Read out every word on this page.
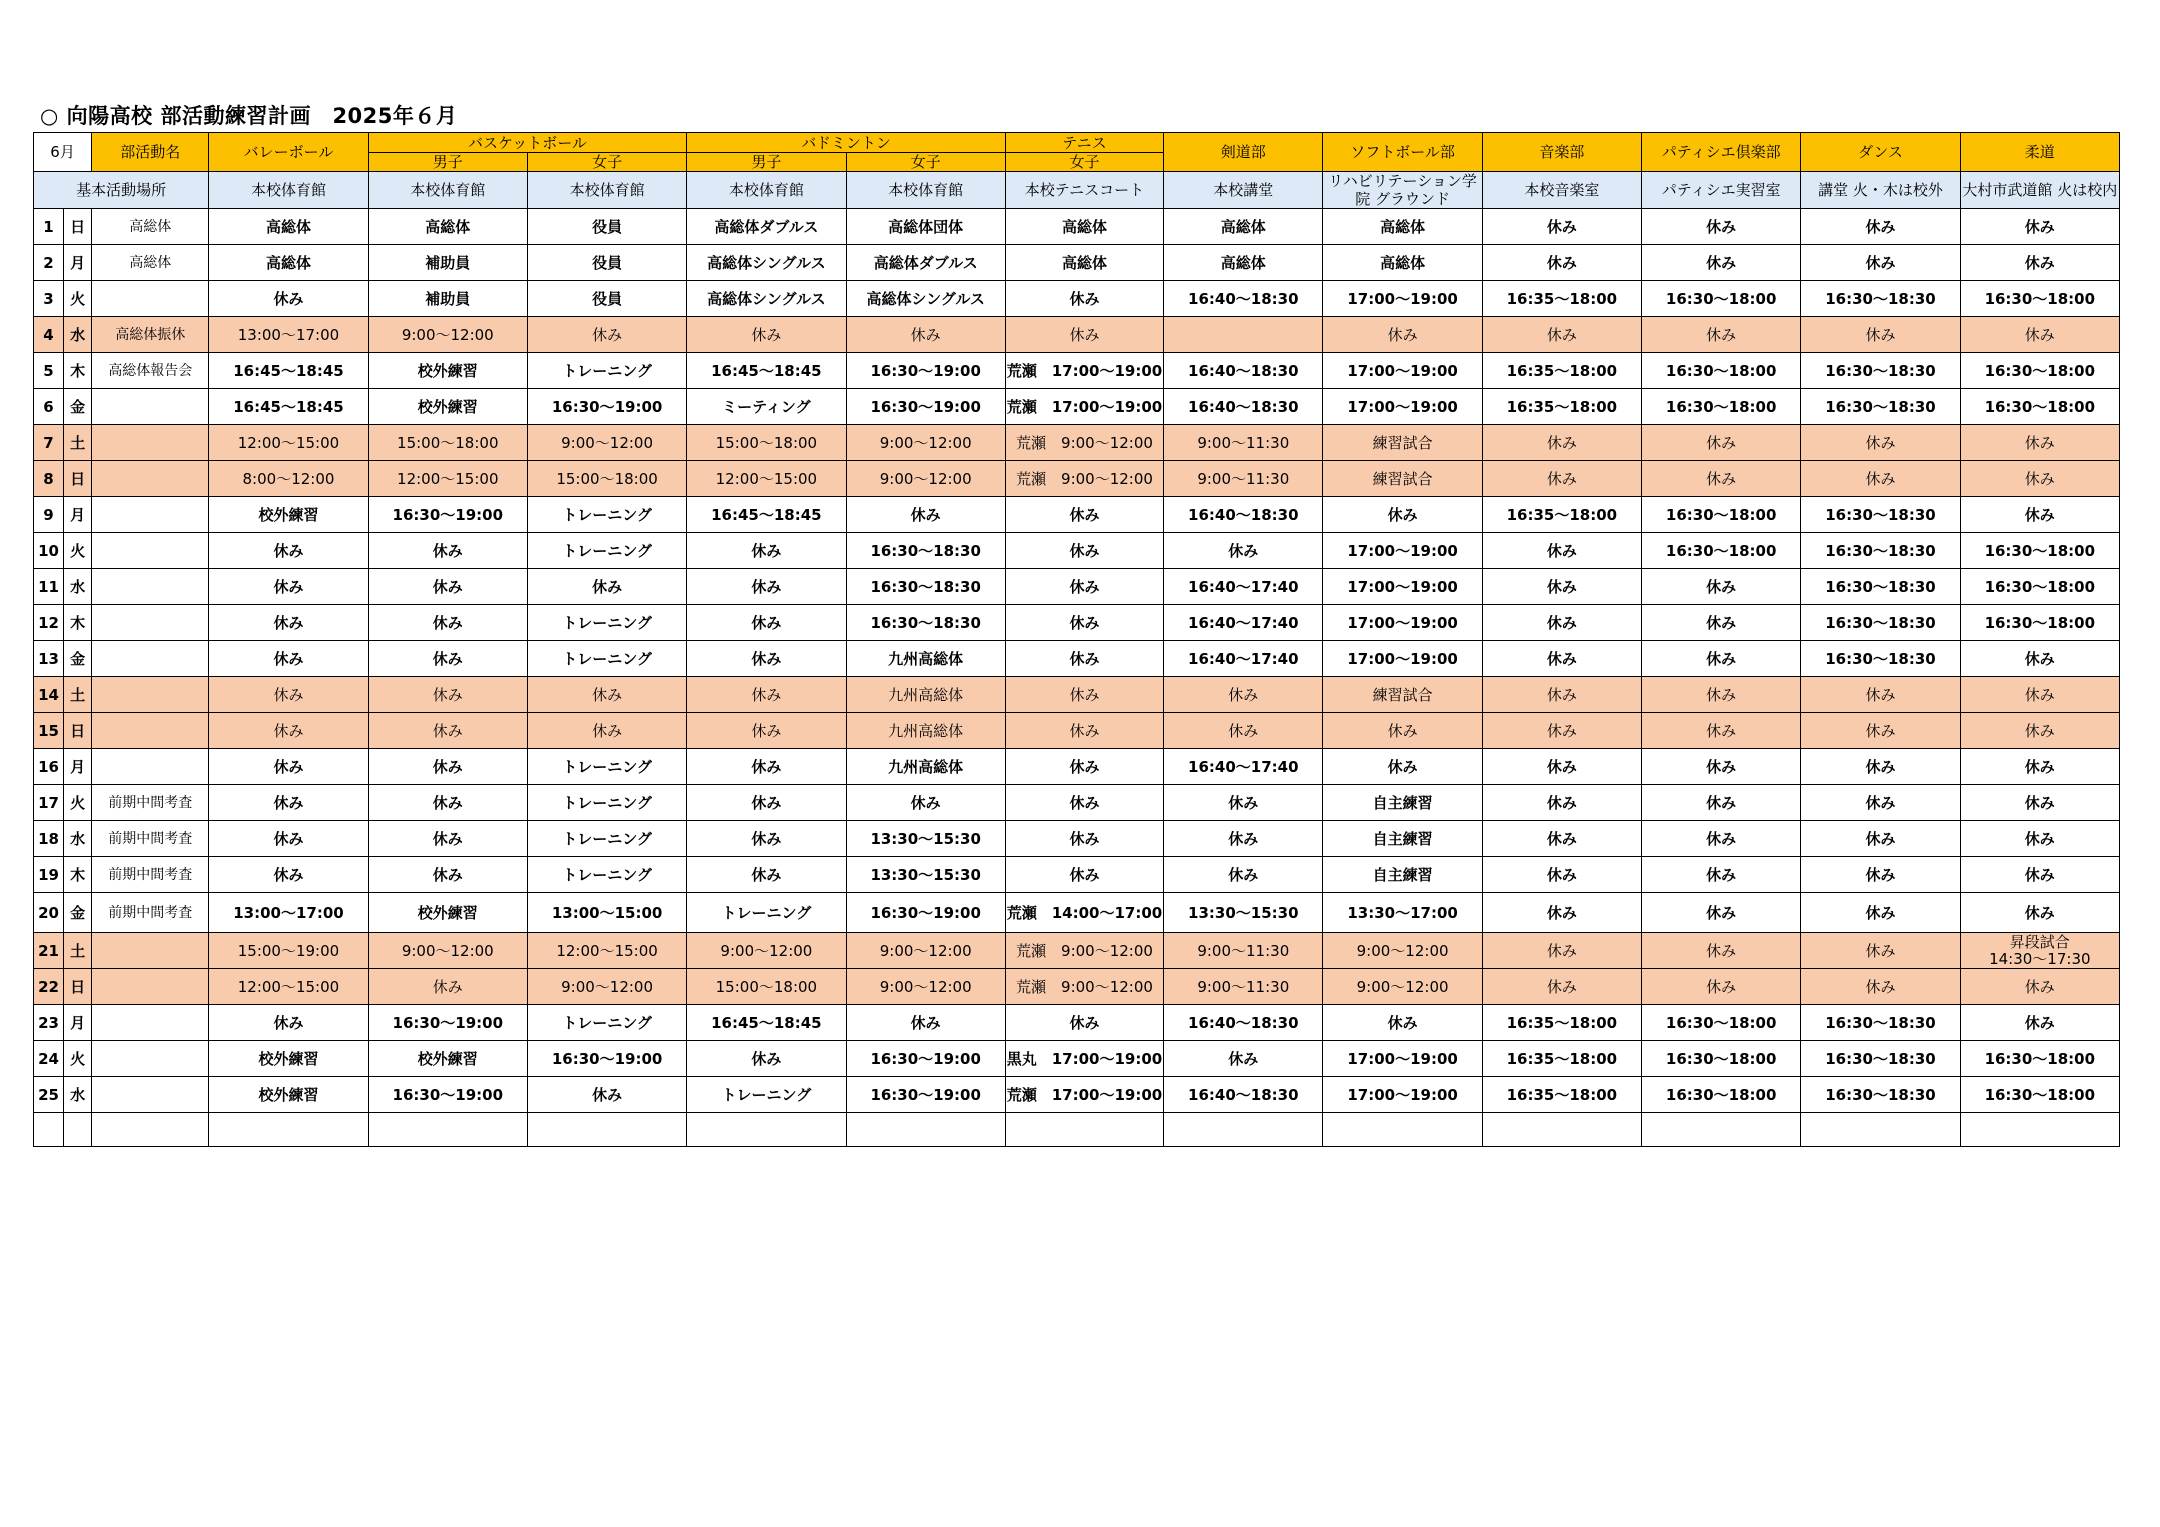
○ 向陽高校 部活動練習計画　2025年６月
6月		部活動名	バレーボール	バスケットボール		バドミントン		テニス	剣道部	ソフトボール部	音楽部	パティシエ倶楽部	ダンス	柔道
				男子	女子	男子	女子	女子						
基本活動場所			本校体育館	本校体育館	本校体育館	本校体育館	本校体育館	本校テニスコート	本校講堂	リハビリテーション学院 グラウンド	本校音楽室	パティシエ実習室	講堂 火・木は校外	大村市武道館 火は校内
1	日	高総体	高総体	高総体	役員	高総体ダブルス	高総体団体	高総体	高総体	高総体	休み	休み	休み	休み
2	月	高総体	高総体	補助員	役員	高総体シングルス	高総体ダブルス	高総体	高総体	高総体	休み	休み	休み	休み
3	火		休み	補助員	役員	高総体シングルス	高総体シングルス	休み	16:40～18:30	17:00～19:00	16:35～18:00	16:30～18:00	16:30～18:30	16:30～18:00
4	水	高総体振休	13:00～17:00	9:00～12:00	休み	休み	休み	休み		休み	休み	休み	休み	休み
5	木	高総体報告会	16:45～18:45	校外練習	トレーニング	16:45～18:45	16:30～19:00	荒瀬　17:00～19:00	16:40～18:30	17:00～19:00	16:35～18:00	16:30～18:00	16:30～18:30	16:30～18:00
6	金		16:45～18:45	校外練習	16:30～19:00	ミーティング	16:30～19:00	荒瀬　17:00～19:00	16:40～18:30	17:00～19:00	16:35～18:00	16:30～18:00	16:30～18:30	16:30～18:00
7	土		12:00～15:00	15:00～18:00	9:00～12:00	15:00～18:00	9:00～12:00	荒瀬　9:00～12:00	9:00～11:30	練習試合	休み	休み	休み	休み
8	日		8:00～12:00	12:00～15:00	15:00～18:00	12:00～15:00	9:00～12:00	荒瀬　9:00～12:00	9:00～11:30	練習試合	休み	休み	休み	休み
9	月		校外練習	16:30～19:00	トレーニング	16:45～18:45	休み	休み	16:40～18:30	休み	16:35～18:00	16:30～18:00	16:30～18:30	休み
10	火		休み	休み	トレーニング	休み	16:30～18:30	休み	休み	17:00～19:00	休み	16:30～18:00	16:30～18:30	16:30～18:00
11	水		休み	休み	休み	休み	16:30～18:30	休み	16:40～17:40	17:00～19:00	休み	休み	16:30～18:30	16:30～18:00
12	木		休み	休み	トレーニング	休み	16:30～18:30	休み	16:40～17:40	17:00～19:00	休み	休み	16:30～18:30	16:30～18:00
13	金		休み	休み	トレーニング	休み	九州高総体	休み	16:40～17:40	17:00～19:00	休み	休み	16:30～18:30	休み
14	土		休み	休み	休み	休み	九州高総体	休み	休み	練習試合	休み	休み	休み	休み
15	日		休み	休み	休み	休み	九州高総体	休み	休み	休み	休み	休み	休み	休み
16	月		休み	休み	トレーニング	休み	九州高総体	休み	16:40～17:40	休み	休み	休み	休み	休み
17	火	前期中間考査	休み	休み	トレーニング	休み	休み	休み	休み	自主練習	休み	休み	休み	休み
18	水	前期中間考査	休み	休み	トレーニング	休み	13:30～15:30	休み	休み	自主練習	休み	休み	休み	休み
19	木	前期中間考査	休み	休み	トレーニング	休み	13:30～15:30	休み	休み	自主練習	休み	休み	休み	休み
20	金	前期中間考査	13:00～17:00	校外練習	13:00～15:00	トレーニング	16:30～19:00	荒瀬　14:00～17:00	13:30～15:30	13:30～17:00	休み	休み	休み	休み
21	土		15:00～19:00	9:00～12:00	12:00～15:00	9:00～12:00	9:00～12:00	荒瀬　9:00～12:00	9:00～11:30	9:00～12:00	休み	休み	休み	昇段試合
14:30～17:30
22	日		12:00～15:00	休み	9:00～12:00	15:00～18:00	9:00～12:00	荒瀬　9:00～12:00	9:00～11:30	9:00～12:00	休み	休み	休み	休み
23	月		休み	16:30～19:00	トレーニング	16:45～18:45	休み	休み	16:40～18:30	休み	16:35～18:00	16:30～18:00	16:30～18:30	休み
24	火		校外練習	校外練習	16:30～19:00	休み	16:30～19:00	黒丸　17:00～19:00	休み	17:00～19:00	16:35～18:00	16:30～18:00	16:30～18:30	16:30～18:00
25	水		校外練習	16:30～19:00	休み	トレーニング	16:30～19:00	荒瀬　17:00～19:00	16:40～18:30	17:00～19:00	16:35～18:00	16:30～18:00	16:30～18:30	16:30～18:00
